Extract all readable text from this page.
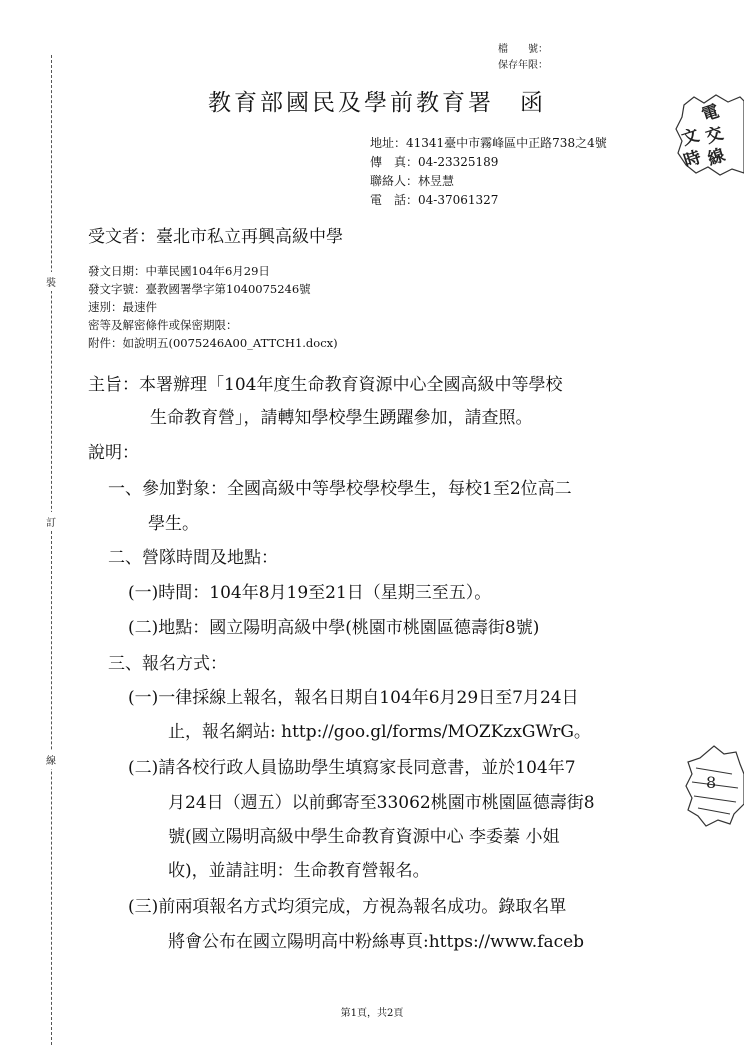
裝
訂
線
檔　　號：
保存年限：
教育部國民及學前教育署　函	電
文 交
時 線
地址：41341臺中市霧峰區中正路738之4號
傳　真：04-23325189
聯絡人：林昱慧
電　話：04-37061327
受文者：臺北市私立再興高級中學
發文日期：中華民國104年6月29日
發文字號：臺教國署學字第1040075246號
速別：最速件
密等及解密條件或保密期限：
附件：如說明五(0075246A00_ATTCH1.docx)
主旨：本署辦理「104年度生命教育資源中心全國高級中等學校
生命教育營」，請轉知學校學生踴躍參加，請查照。
說明：
一、參加對象：全國高級中等學校學校學生，每校1至2位高二
學生。
二、營隊時間及地點：
(一)時間：104年8月19至21日（星期三至五）。
(二)地點：國立陽明高級中學(桃園市桃園區德壽街8號)
三、報名方式：
(一)一律採線上報名，報名日期自104年6月29日至7月24日
止，報名網站: http://goo.gl/forms/MOZKzxGWrG。
(二)請各校行政人員協助學生填寫家長同意書，並於104年7
月24日（週五）以前郵寄至33062桃園市桃園區德壽街8
號(國立陽明高級中學生命教育資源中心 李委蓁 小姐
收)，並請註明：生命教育營報名。
(三)前兩項報名方式均須完成，方視為報名成功。錄取名單
將會公布在國立陽明高中粉絲專頁:https://www.faceb
8
第1頁，共2頁
